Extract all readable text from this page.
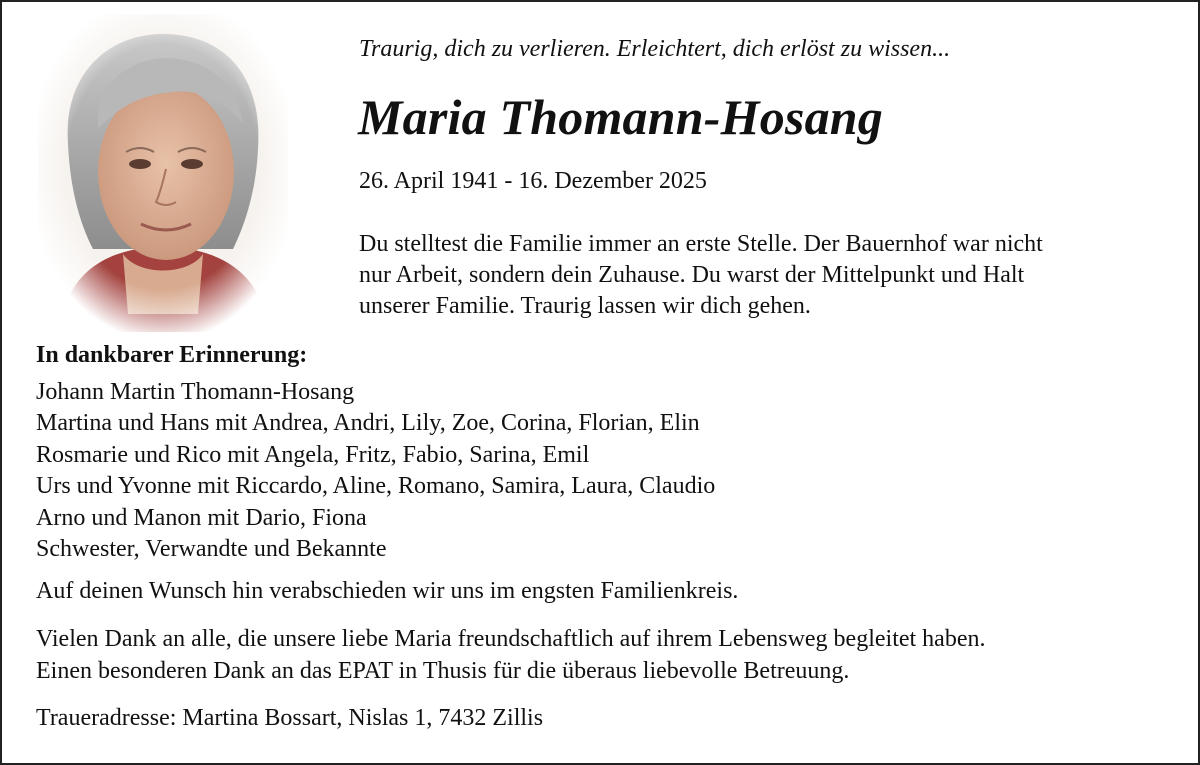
Traurig, dich zu verlieren. Erleichtert, dich erlöst zu wissen...
Maria Thomann-Hosang
26. April 1941 - 16. Dezember 2025
Du stelltest die Familie immer an erste Stelle. Der Bauernhof war nicht
nur Arbeit, sondern dein Zuhause. Du warst der Mittelpunkt und Halt
unserer Familie. Traurig lassen wir dich gehen.
In dankbarer Erinnerung:
Johann Martin Thomann-Hosang
Martina und Hans mit Andrea, Andri, Lily, Zoe, Corina, Florian, Elin
Rosmarie und Rico mit Angela, Fritz, Fabio, Sarina, Emil
Urs und Yvonne mit Riccardo, Aline, Romano, Samira, Laura, Claudio
Arno und Manon mit Dario, Fiona
Schwester, Verwandte und Bekannte
Auf deinen Wunsch hin verabschieden wir uns im engsten Familienkreis.
Vielen Dank an alle, die unsere liebe Maria freundschaftlich auf ihrem Lebensweg begleitet haben.
Einen besonderen Dank an das EPAT in Thusis für die überaus liebevolle Betreuung.
Traueradresse: Martina Bossart, Nislas 1, 7432 Zillis
